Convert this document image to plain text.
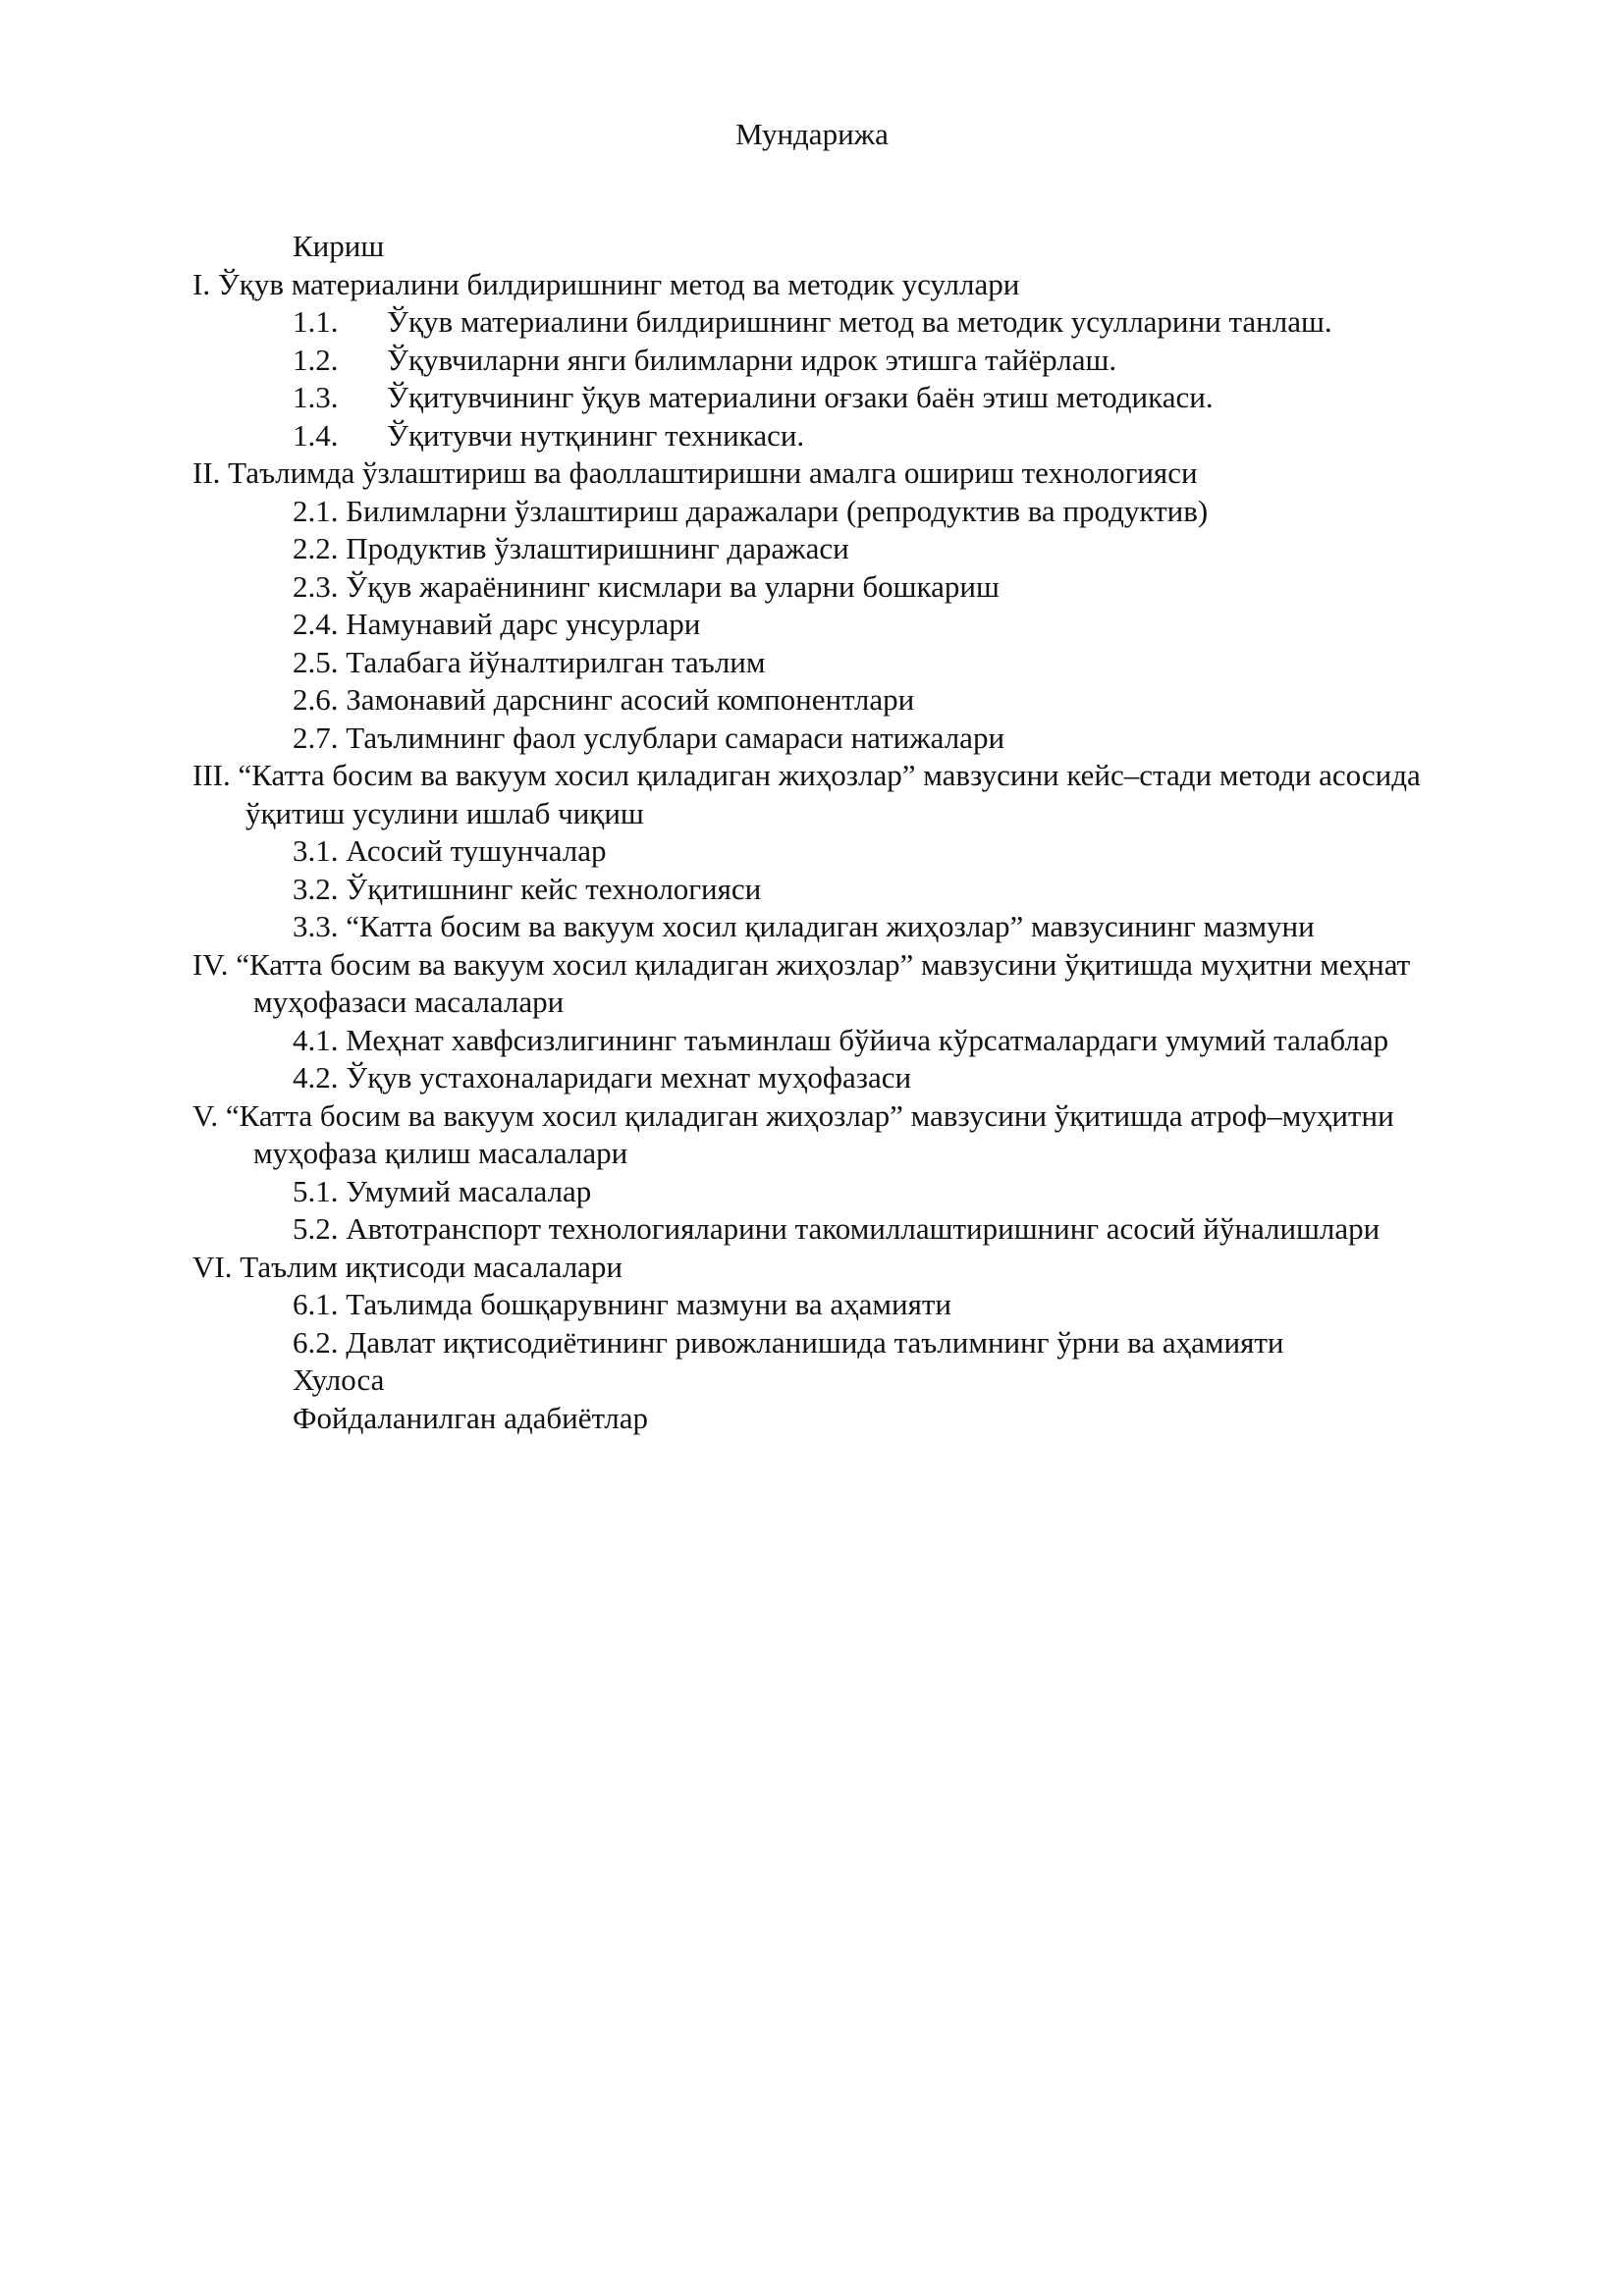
Мундарижа
Кириш
I. Ўқув материалини билдиришнинг метод ва методик усуллари
1.1. Ўқув материалини билдиришнинг метод ва методик усулларини танлаш.
1.2. Ўқувчиларни янги билимларни идрок этишга тайёрлаш.
1.3. Ўқитувчининг ўқув материалини оғзаки баён этиш методикаси.
1.4. Ўқитувчи нутқининг техникаси.
II. Таълимда ўзлаштириш ва фаоллаштиришни амалга ошириш технологияси
2.1. Билимларни ўзлаштириш даражалари (репродуктив ва продуктив)
2.2. Продуктив ўзлаштиришнинг даражаси
2.3. Ўқув жараёнининг кисмлари ва уларни бошкариш
2.4. Намунавий дарс унсурлари
2.5. Талабага йўналтирилган таълим
2.6. Замонавий дарснинг асосий компонентлари
2.7. Таълимнинг фаол услублари самараси натижалари
III. “Катта босим ва вакуум хосил қиладиган жиҳозлар” мавзусини кейс–стади методи асосида
ўқитиш усулини ишлаб чиқиш
3.1. Асосий тушунчалар
3.2. Ўқитишнинг кейс технологияси
3.3. “Катта босим ва вакуум хосил қиладиган жиҳозлар” мавзусининг мазмуни
IV. “Катта босим ва вакуум хосил қиладиган жиҳозлар” мавзусини ўқитишда муҳитни меҳнат
муҳофазаси масалалари
4.1. Меҳнат хавфсизлигининг таъминлаш бўйича кўрсатмалардаги умумий талаблар
4.2. Ўқув устахоналаридаги мехнат муҳофазаси
V. “Катта босим ва вакуум хосил қиладиган жиҳозлар” мавзусини ўқитишда атроф–муҳитни
муҳофаза қилиш масалалари
5.1. Умумий масалалар
5.2. Автотранспорт технологияларини такомиллаштиришнинг асосий йўналишлари
VI. Таълим иқтисоди масалалари
6.1. Таълимда бошқарувнинг мазмуни ва аҳамияти
6.2. Давлат иқтисодиётининг ривожланишида таълимнинг ўрни ва аҳамияти
Хулоса
Фойдаланилган адабиётлар
